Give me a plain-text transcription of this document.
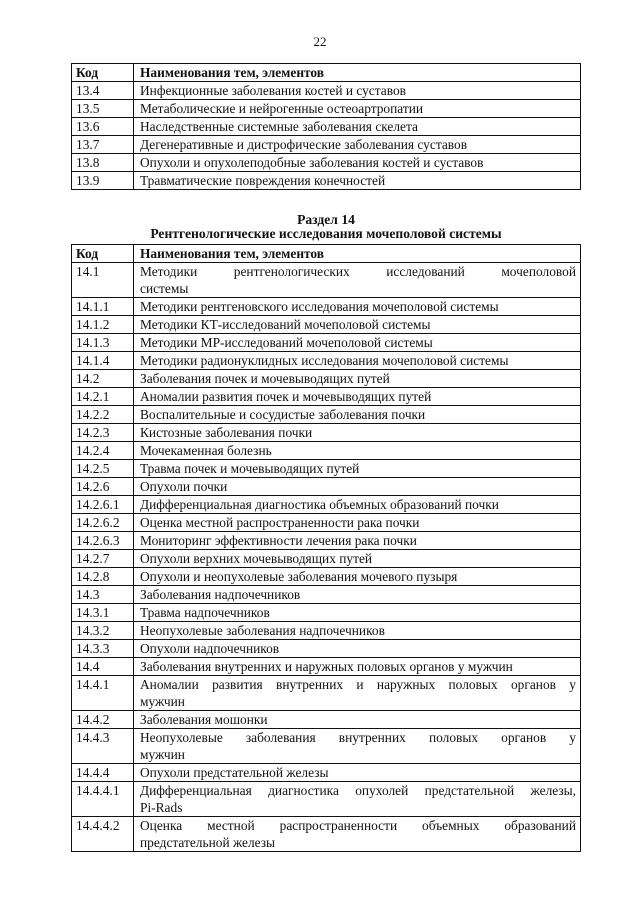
22
Код	Наименования тем, элементов
13.4	Инфекционные заболевания костей и суставов
13.5	Метаболические и нейрогенные остеоартропатии
13.6	Наследственные системные заболевания скелета
13.7	Дегенеративные и дистрофические заболевания суставов
13.8	Опухоли и опухолеподобные заболевания костей и суставов
13.9	Травматические повреждения конечностей
Раздел 14
Рентгенологические исследования мочеполовой системы
Код	Наименования тем, элементов
14.1	Методики рентгенологических исследований мочеполовой
системы

14.1.1	Методики рентгеновского исследования мочеполовой системы
14.1.2	Методики КТ-исследований мочеполовой системы
14.1.3	Методики МР-исследований мочеполовой системы
14.1.4	Методики радионуклидных исследования мочеполовой системы
14.2	Заболевания почек и мочевыводящих путей
14.2.1	Аномалии развития почек и мочевыводящих путей
14.2.2	Воспалительные и сосудистые заболевания почки
14.2.3	Кистозные заболевания почки
14.2.4	Мочекаменная болезнь
14.2.5	Травма почек и мочевыводящих путей
14.2.6	Опухоли почки
14.2.6.1	Дифференциальная диагностика объемных образований почки
14.2.6.2	Оценка местной распространенности рака почки
14.2.6.3	Мониторинг эффективности лечения рака почки
14.2.7	Опухоли верхних мочевыводящих путей
14.2.8	Опухоли и неопухолевые заболевания мочевого пузыря
14.3	Заболевания надпочечников
14.3.1	Травма надпочечников
14.3.2	Неопухолевые заболевания надпочечников
14.3.3	Опухоли надпочечников
14.4	Заболевания внутренних и наружных половых органов у мужчин
14.4.1	Аномалии развития внутренних и наружных половых органов у
мужчин

14.4.2	Заболевания мошонки
14.4.3	Неопухолевые заболевания внутренних половых органов у
мужчин

14.4.4	Опухоли предстательной железы
14.4.4.1	Дифференциальная диагностика опухолей предстательной железы,
Pi-Rads

14.4.4.2	Оценка местной распространенности объемных образований
предстательной железы
